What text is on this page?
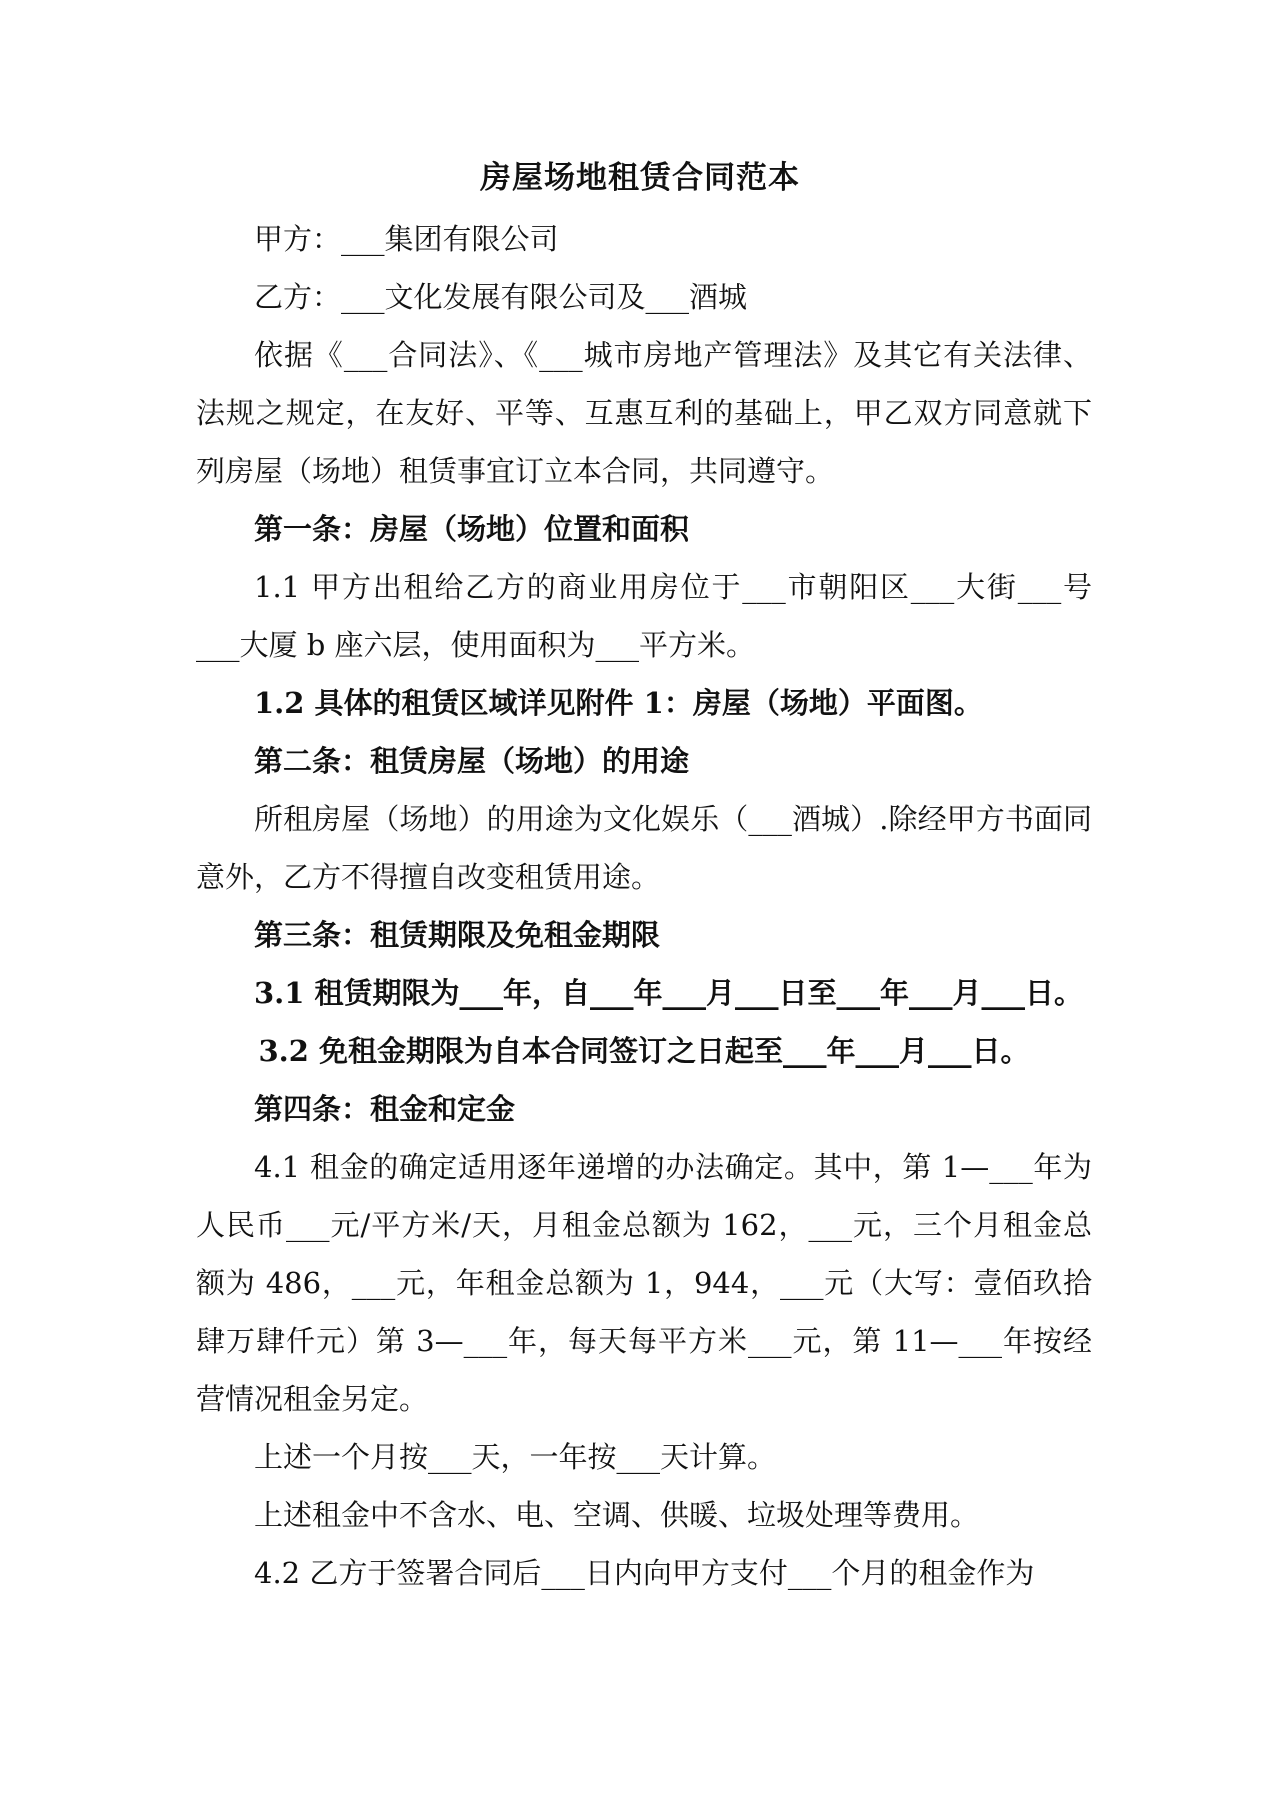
房屋场地租赁合同范本

甲方：___集团有限公司

乙方：___文化发展有限公司及___酒城

依据《___合同法》、《___城市房地产管理法》及其它有关法律、法规之规定，在友好、平等、互惠互利的基础上，甲乙双方同意就下列房屋（场地）租赁事宜订立本合同，共同遵守。

第一条：房屋（场地）位置和面积

1.1 甲方出租给乙方的商业用房位于___市朝阳区___大街___号___大厦 b 座六层，使用面积为___平方米。

1.2 具体的租赁区域详见附件 1：房屋（场地）平面图。

第二条：租赁房屋（场地）的用途

所租房屋（场地）的用途为文化娱乐（___酒城）.除经甲方书面同意外，乙方不得擅自改变租赁用途。

第三条：租赁期限及免租金期限

3.1 租赁期限为___年，自___年___月___日至___年___月___日。

3.2 免租金期限为自本合同签订之日起至___年___月___日。

第四条：租金和定金

4.1 租金的确定适用逐年递增的办法确定。其中，第 1—___年为人民币___元/平方米/天，月租金总额为 162，___元，三个月租金总额为 486，___元，年租金总额为 1，944，___元（大写：壹佰玖拾肆万肆仟元）第 3—___年，每天每平方米___元，第 11—___年按经营情况租金另定。

上述一个月按___天，一年按___天计算。

上述租金中不含水、电、空调、供暖、垃圾处理等费用。

4.2 乙方于签署合同后___日内向甲方支付___个月的租金作为
